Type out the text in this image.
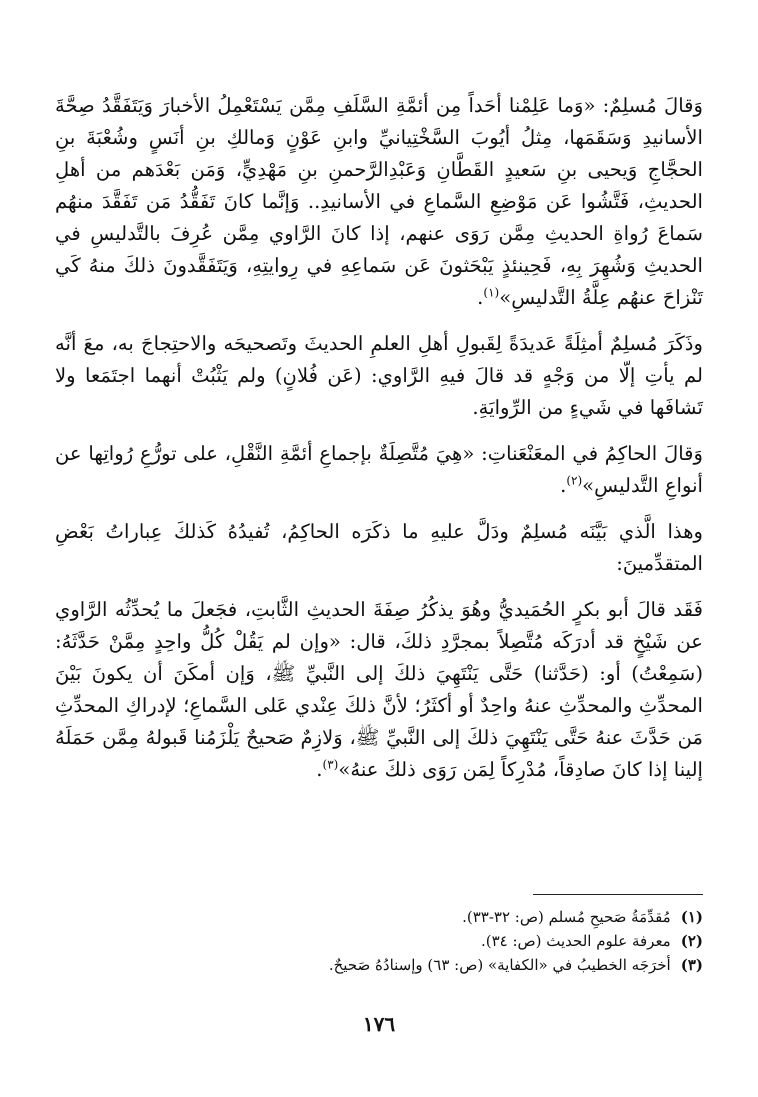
وَقالَ مُسلِمٌ: «وَما عَلِمْنا أحَداً مِن أئمَّةِ السَّلَفِ مِمَّن يَسْتَعْمِلُ الأخبارَ وَيَتَفَقَّدُ صِحَّةَ الأسانيدِ وَسَقَمَها، مِثلُ أيُوبَ السَّخْتِيانيِّ وابنِ عَوْنٍ وَمالكِ بنِ أنَسٍ وشُعْبَةَ بنِ الحجَّاجِ وَيحيى بنِ سَعيدٍ القَطَّانِ وَعَبْدِالرَّحمنِ بنِ مَهْدِيٍّ، وَمَن بَعْدَهم من أهلِ الحديثِ، فَتَّشُوا عَن مَوْضِعِ السَّماعِ في الأسانيدِ.. وَإنَّما كانَ تَفَقُّدُ مَن تَفَقَّدَ منهُم سَماعَ رُواةِ الحديثِ مِمَّن رَوَى عنهم، إذا كانَ الرَّاوي مِمَّن عُرِفَ بالتَّدليسِ في الحديثِ وَشُهِرَ بِهِ، فَحِينئذٍ يَبْحَثونَ عَن سَماعِهِ في رِوايتِهِ، وَيَتَفَقَّدونَ ذلكَ منهُ كَي تَنْزاحَ عنهُم عِلَّةُ التَّدليسِ»$^{(١)}$.

وذَكَرَ مُسلِمٌ أمثِلَةً عَديدَةً لِقَبولِ أهلِ العلمِ الحديثَ وتَصحيحَه والاحتِجاجَ به، معَ أنَّه لم يأتِ إلّا من وَجْهٍ قد قالَ فيهِ الرَّاوي: (عَن فُلانٍ) ولم يَثْبُتْ أنهما اجتَمَعا ولا تَشافَها في شَيءٍ من الرِّوايَةِ.

وَقالَ الحاكِمُ في المعَنْعَناتِ: «هِيَ مُتَّصِلَةٌ بإجماعِ أئمَّةِ النَّقْلِ، على تورُّعِ رُواتِها عن أنواعِ التَّدليسِ»$^{(٢)}$.

وهذا الَّذي بَيَّنَه مُسلِمٌ ودَلَّ عليهِ ما ذكَرَه الحاكِمُ، تُفيدُهُ كَذلكَ عِباراتُ بَعْضِ المتقدِّمينَ:

فَقَد قالَ أبو بكرٍ الحُمَيديُّ وهُوَ يذكُرُ صِفَةَ الحديثِ الثَّابتِ، فجَعلَ ما يُحدِّثُه الرَّاوي عن شَيْخٍ قد أدرَكَه مُتَّصِلاً بمجرَّدِ ذلكَ، قال: «وإن لم يَقُلْ كُلُّ واحِدٍ مِمَّنْ حَدَّثَهُ: (سَمِعْتُ) أو: (حَدَّثنا) حَتَّى يَنْتَهِيَ ذلكَ إلى النَّبيِّ ﷺ، وَإن أمكَنَ أن يكونَ بَيْنَ المحدِّثِ والمحدِّثِ عنهُ واحِدٌ أو أكثَرُ؛ لأنَّ ذلكَ عِنْدي عَلى السَّماعِ؛ لإدراكِ المحدِّثِ مَن حَدَّثَ عنهُ حَتَّى يَنْتَهِيَ ذلكَ إلى النَّبيِّ ﷺ، وَلازِمٌ صَحيحٌ يَلْزَمُنا قَبولهُ مِمَّن حَمَلَهُ إلينا إذا كانَ صادِقاً، مُدْرِكاً لِمَن رَوَى ذلكَ عنهُ»$^{(٣)}$.

(١)
مُقدِّمَةُ صَحيحِ مُسلم (ص: ٣٢-٣٣).
(٢)
معرفة علوم الحديث (ص: ٣٤).
(٣)
أخرَجَه الخطيبُ في «الكفاية» (ص: ٦٣) وإسنادُهُ صَحيحٌ.
١٧٦
